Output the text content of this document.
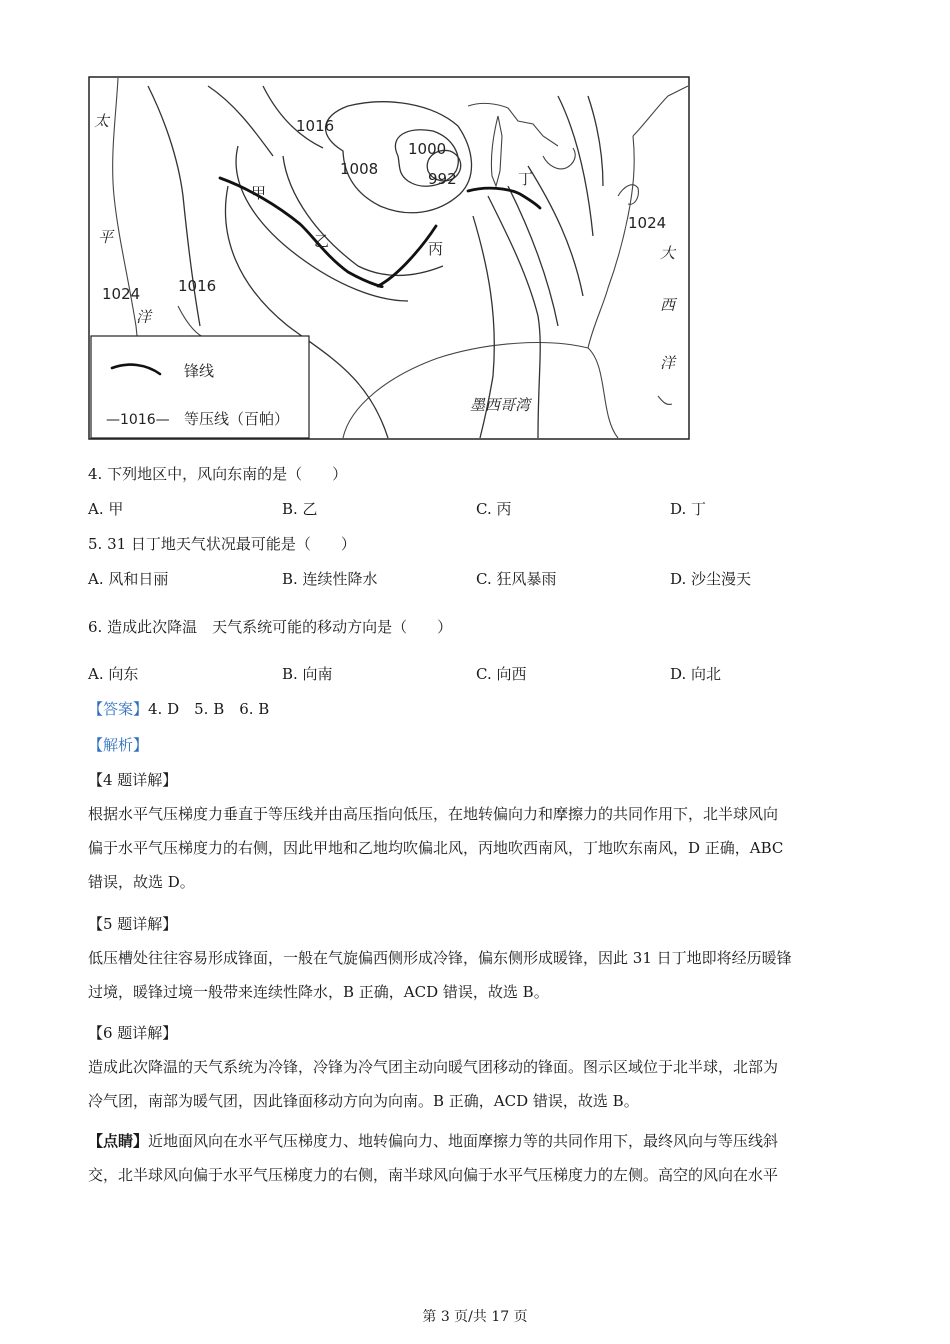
1016
1008
1000
992
1016
1024
1024
甲
乙	丙
丁
太
平
洋
大
西
洋
墨西哥湾
锋线
—1016— 等压线（百帕）
4. 下列地区中，风向东南的是（　　）
A. 甲	B. 乙	C. 丙	D. 丁
5. 31 日丁地天气状况最可能是（　　）
A. 风和日丽	B. 连续性降水	C. 狂风暴雨	D. 沙尘漫天
6. 造成此次降温　天气系统可能的移动方向是（　　）
A. 向东	B. 向南	C. 向西	D. 向北
【答案】4. D　5. B　6. B
【解析】
【4 题详解】
根据水平气压梯度力垂直于等压线并由高压指向低压，在地转偏向力和摩擦力的共同作用下，北半球风向
偏于水平气压梯度力的右侧，因此甲地和乙地均吹偏北风，丙地吹西南风，丁地吹东南风，D 正确，ABC
错误，故选 D。
【5 题详解】
低压槽处往往容易形成锋面，一般在气旋偏西侧形成冷锋，偏东侧形成暖锋，因此 31 日丁地即将经历暖锋
过境，暖锋过境一般带来连续性降水，B 正确，ACD 错误，故选 B。
【6 题详解】
造成此次降温的天气系统为冷锋，冷锋为冷气团主动向暖气团移动的锋面。图示区域位于北半球，北部为
冷气团，南部为暖气团，因此锋面移动方向为向南。B 正确，ACD 错误，故选 B。
【点睛】近地面风向在水平气压梯度力、地转偏向力、地面摩擦力等的共同作用下，最终风向与等压线斜
交，北半球风向偏于水平气压梯度力的右侧，南半球风向偏于水平气压梯度力的左侧。高空的风向在水平
第 3 页/共 17 页
